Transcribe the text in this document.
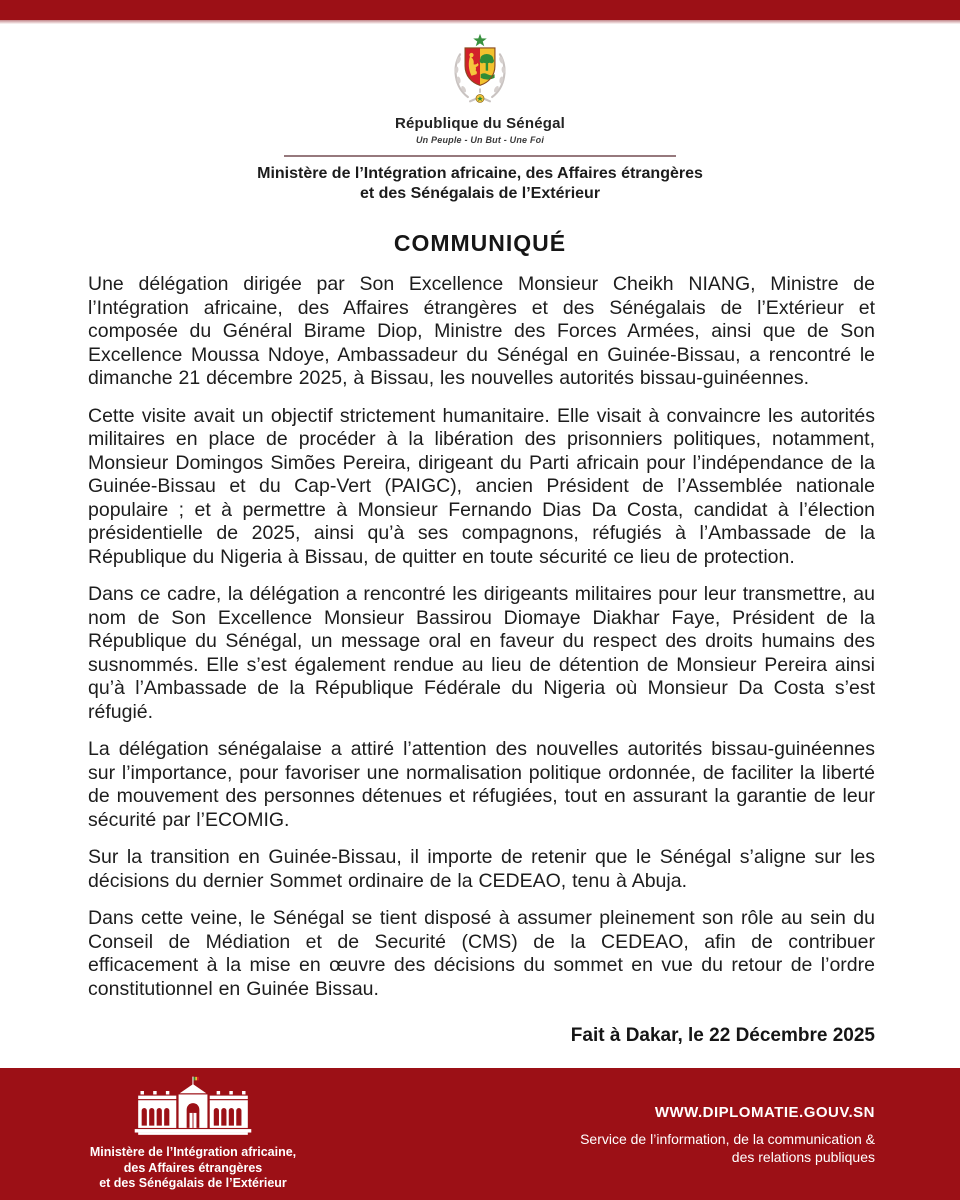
République du Sénégal
Un Peuple - Un But - Une Foi
Ministère de l’Intégration africaine, des Affaires étrangères
et des Sénégalais de l’Extérieur
COMMUNIQUÉ

Une délégation dirigée par Son Excellence Monsieur Cheikh NIANG, Ministre de l’Intégration africaine, des Affaires étrangères et des Sénégalais de l’Extérieur et composée du Général Birame Diop, Ministre des Forces Armées, ainsi que de Son Excellence Moussa Ndoye, Ambassadeur du Sénégal en Guinée-Bissau, a rencontré le dimanche 21 décembre 2025, à Bissau, les nouvelles autorités bissau-guinéennes.

Cette visite avait un objectif strictement humanitaire. Elle visait à convaincre les autorités militaires en place de procéder à la libération des prisonniers politiques, notamment, Monsieur Domingos Simões Pereira, dirigeant du Parti africain pour l’indépendance de la Guinée-Bissau et du Cap-Vert (PAIGC), ancien Président de l’Assemblée nationale populaire ; et à permettre à Monsieur Fernando Dias Da Costa, candidat à l’élection présidentielle de 2025, ainsi qu’à ses compagnons, réfugiés à l’Ambassade de la République du Nigeria à Bissau, de quitter en toute sécurité ce lieu de protection.

Dans ce cadre, la délégation a rencontré les dirigeants militaires pour leur transmettre, au nom de Son Excellence Monsieur Bassirou Diomaye Diakhar Faye, Président de la République du Sénégal, un message oral en faveur du respect des droits humains des susnommés. Elle s’est également rendue au lieu de détention de Monsieur Pereira ainsi qu’à l’Ambassade de la République Fédérale du Nigeria où Monsieur Da Costa s’est réfugié.

La délégation sénégalaise a attiré l’attention des nouvelles autorités bissau-guinéennes sur l’importance, pour favoriser une normalisation politique ordonnée, de faciliter la liberté de mouvement des personnes détenues et réfugiées, tout en assurant la garantie de leur sécurité par l’ECOMIG.

Sur la transition en Guinée-Bissau, il importe de retenir que le Sénégal s’aligne sur les décisions du dernier Sommet ordinaire de la CEDEAO, tenu à Abuja.

Dans cette veine, le Sénégal se tient disposé à assumer pleinement son rôle au sein du Conseil de Médiation et de Securité (CMS) de la CEDEAO, afin de contribuer efficacement à la mise en œuvre des décisions du sommet en vue du retour de l’ordre constitutionnel en Guinée Bissau.

Fait à Dakar, le 22 Décembre 2025
Ministère de l’Intégration africaine,
des Affaires étrangères
et des Sénégalais de l’Extérieur
WWW.DIPLOMATIE.GOUV.SN
Service de l’information, de la communication &
des relations publiques
